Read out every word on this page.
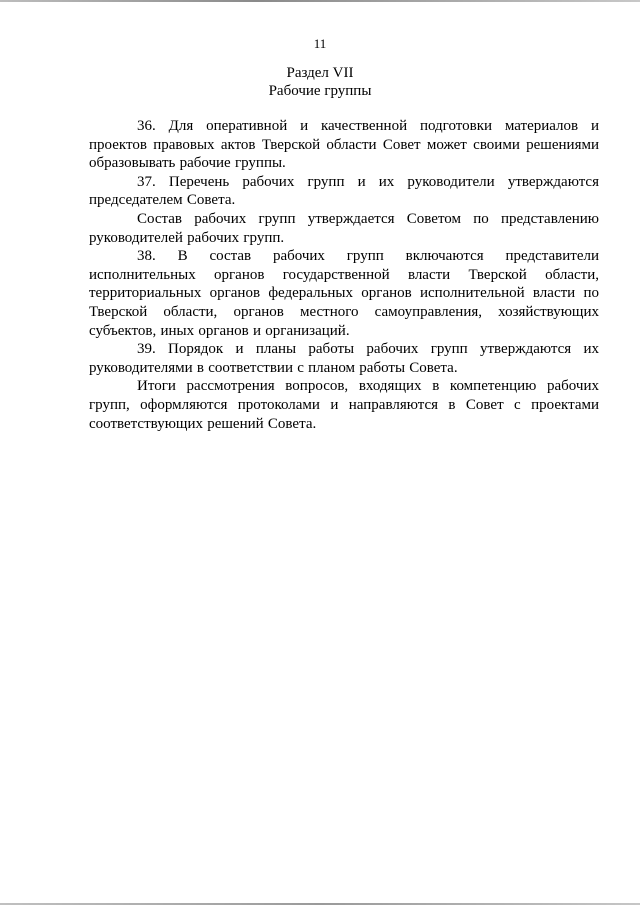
11
Раздел VII
Рабочие группы

36. Для оперативной и качественной подготовки материалов и проектов правовых актов Тверской области Совет может своими решениями образовывать рабочие группы.

37. Перечень рабочих групп и их руководители утверждаются председателем Совета.

Состав рабочих групп утверждается Советом по представлению руководителей рабочих групп.

38. В состав рабочих групп включаются представители исполнительных органов государственной власти Тверской области, территориальных органов федеральных органов исполнительной власти по Тверской области, органов местного самоуправления, хозяйствующих субъектов, иных органов и организаций.

39. Порядок и планы работы рабочих групп утверждаются их руководителями в соответствии с планом работы Совета.

Итоги рассмотрения вопросов, входящих в компетенцию рабочих групп, оформляются протоколами и направляются в Совет с проектами соответствующих решений Совета.
